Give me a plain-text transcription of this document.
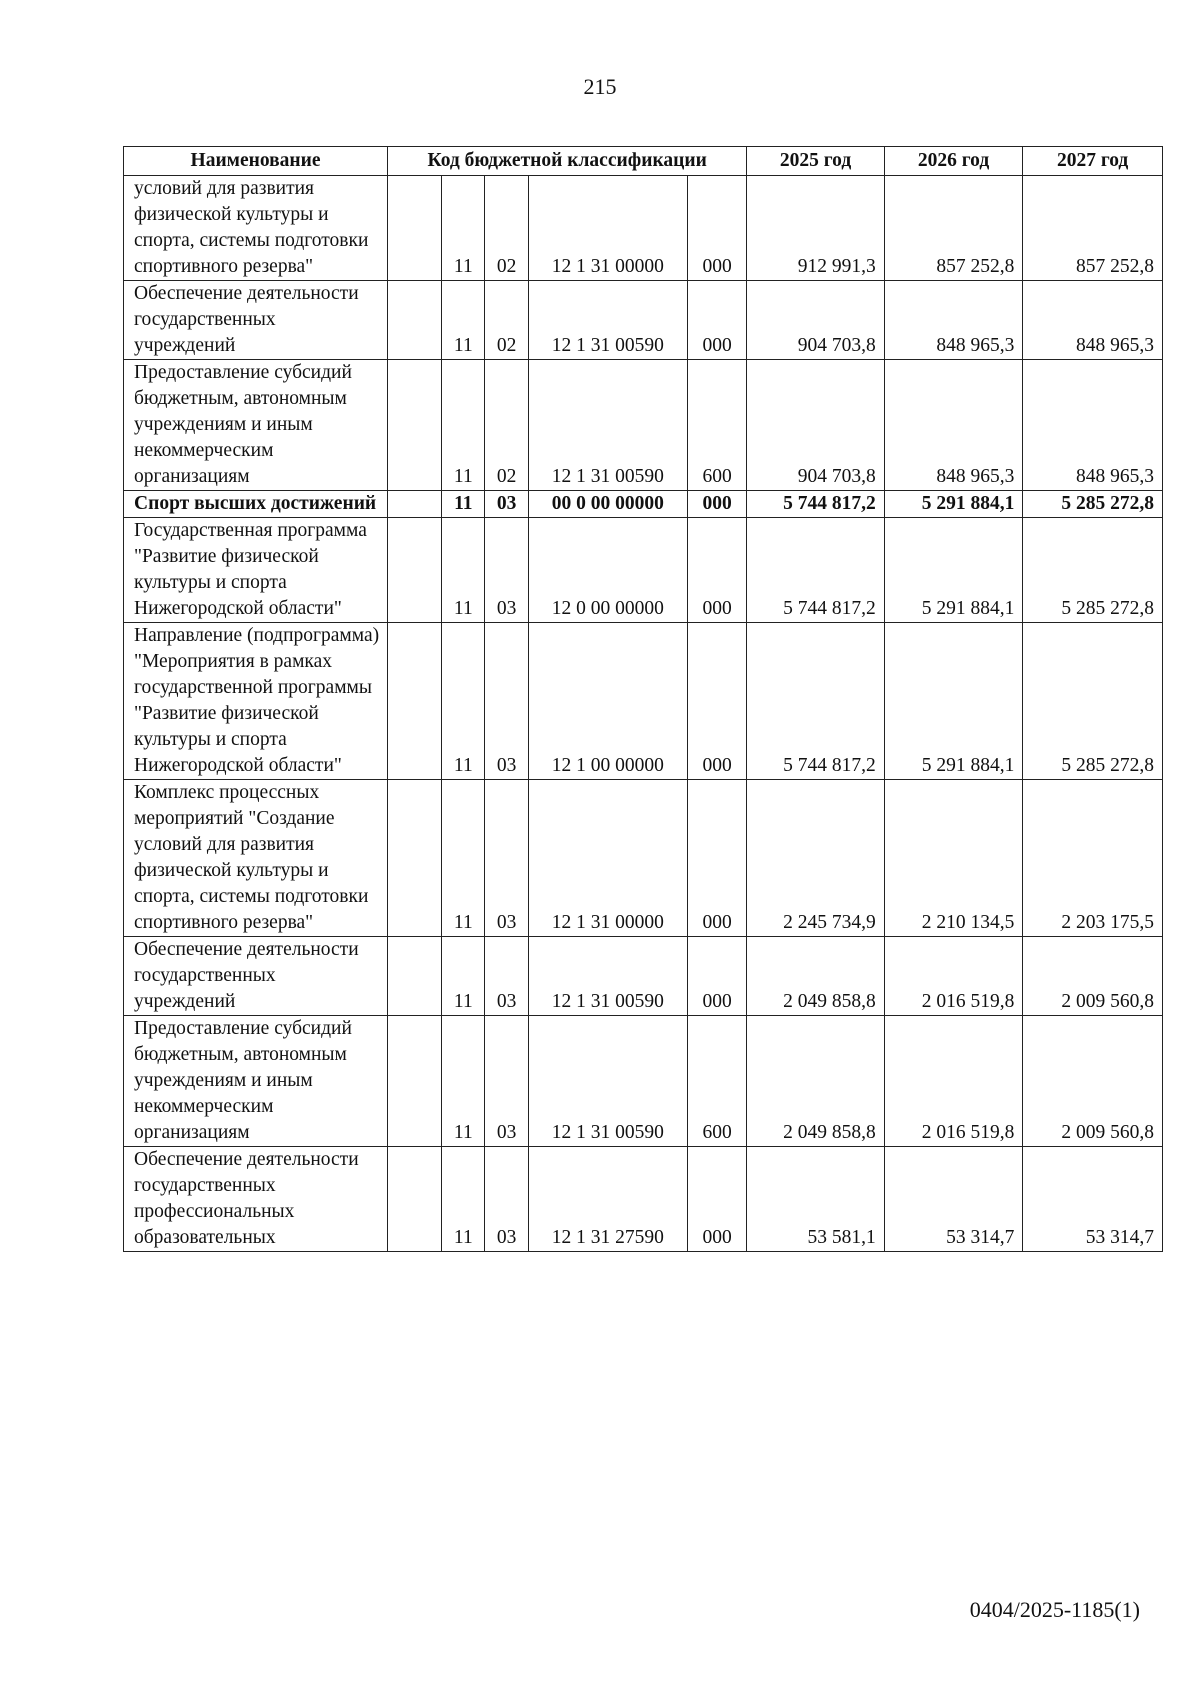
215
Наименование	Код бюджетной классификации					2025 год	2026 год	2027 год
условий для развития физической культуры и спорта, системы подготовки спортивного резерва"		11	02	12 1 31 00000	000	912 991,3	857 252,8	857 252,8
Обеспечение деятельности государственных учреждений		11	02	12 1 31 00590	000	904 703,8	848 965,3	848 965,3
Предоставление субсидий бюджетным, автономным учреждениям и иным некоммерческим организациям		11	02	12 1 31 00590	600	904 703,8	848 965,3	848 965,3
Спорт высших достижений		11	03	00 0 00 00000	000	5 744 817,2	5 291 884,1	5 285 272,8
Государственная программа "Развитие физической культуры и спорта Нижегородской области"		11	03	12 0 00 00000	000	5 744 817,2	5 291 884,1	5 285 272,8
Направление (подпрограмма) "Мероприятия в рамках государственной программы "Развитие физической культуры и спорта Нижегородской области"		11	03	12 1 00 00000	000	5 744 817,2	5 291 884,1	5 285 272,8
Комплекс процессных мероприятий "Создание условий для развития физической культуры и спорта, системы подготовки спортивного резерва"		11	03	12 1 31 00000	000	2 245 734,9	2 210 134,5	2 203 175,5
Обеспечение деятельности государственных учреждений		11	03	12 1 31 00590	000	2 049 858,8	2 016 519,8	2 009 560,8
Предоставление субсидий бюджетным, автономным учреждениям и иным некоммерческим организациям		11	03	12 1 31 00590	600	2 049 858,8	2 016 519,8	2 009 560,8
Обеспечение деятельности государственных профессиональных образовательных		11	03	12 1 31 27590	000	53 581,1	53 314,7	53 314,7
0404/2025-1185(1)
